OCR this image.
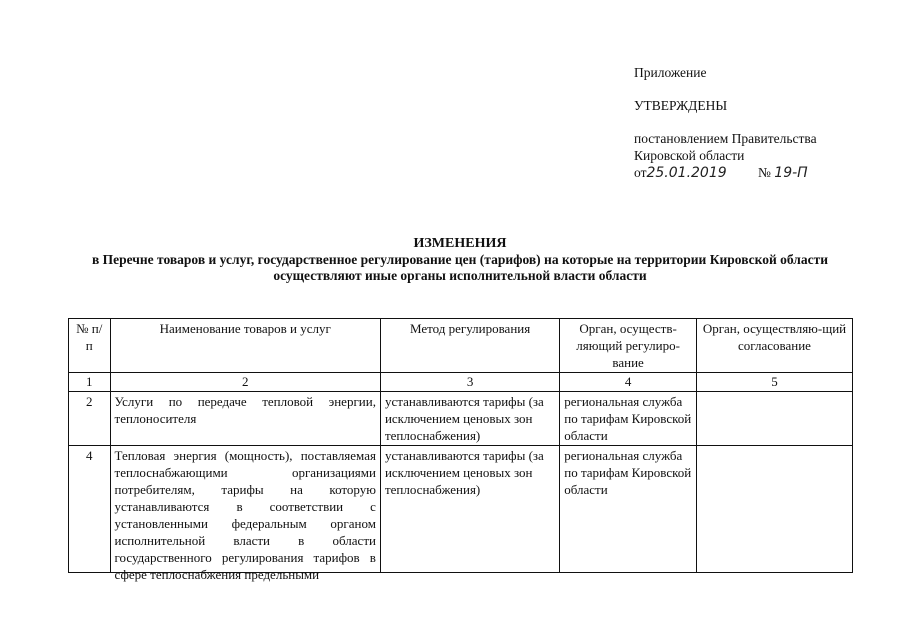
Приложение
УТВЕРЖДЕНЫ
постановлением Правительства
Кировской области
от25.01.2019 № 19-П
ИЗМЕНЕНИЯ
в Перечне товаров и услуг, государственное регулирование цен (тарифов) на которые на территории Кировской области осуществляют иные органы исполнительной власти области
№ п/п	Наименование товаров и услуг	Метод регулирования	Орган, осуществ-ляющий регулиро-вание	Орган, осуществляю-щий согласование
1	2	3	4	5
2	Услуги по передаче тепловой энергии, теплоносителя	устанавливаются тарифы (за исключением ценовых зон теплоснабжения)	региональная служба по тарифам Кировской области	
4	Тепловая энергия (мощность), поставляемая теплоснабжающими организациями потребителям, тарифы на которую устанавливаются в соответствии с установленными федеральным органом исполнительной власти в области государственного регулирования тарифов в сфере теплоснабжения предельными	устанавливаются тарифы (за исключением ценовых зон теплоснабжения)	региональная служба по тарифам Кировской области	
